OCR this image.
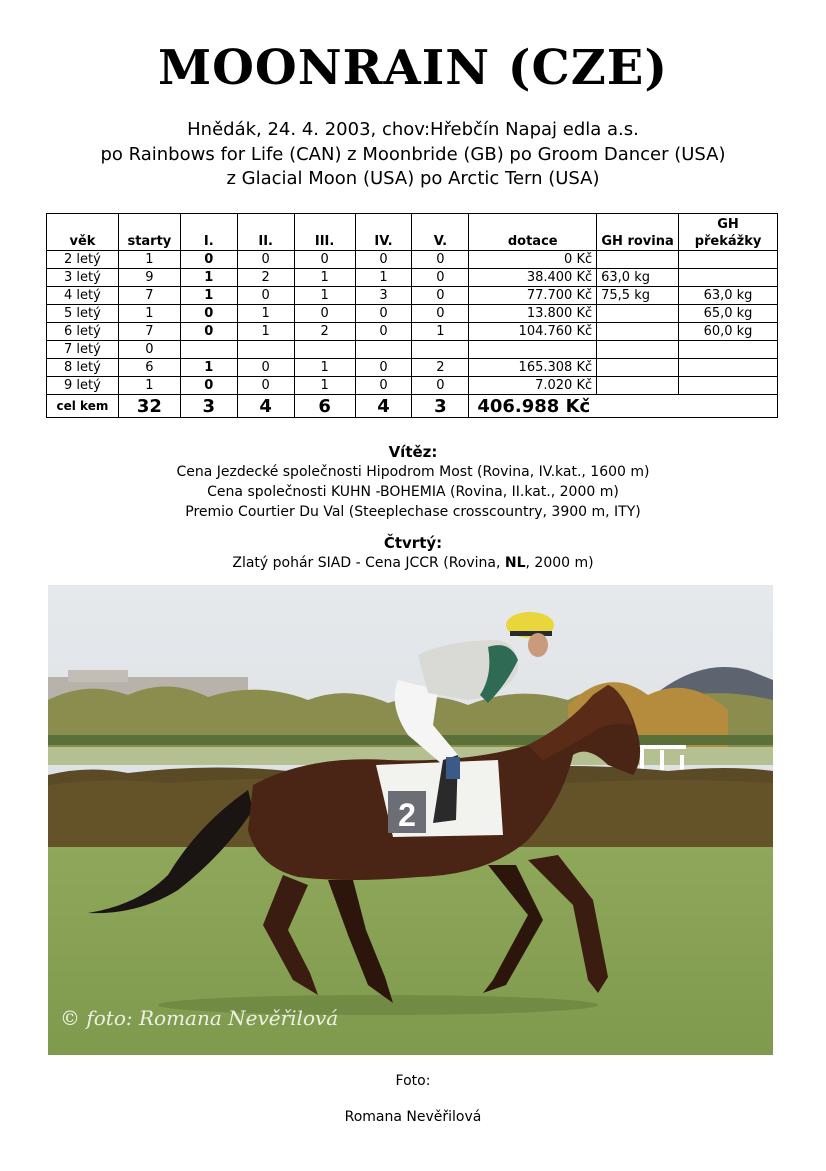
MOONRAIN (CZE)
Hnědák, 24. 4. 2003, chov:Hřebčín Napaj edla a.s.
po Rainbows for Life (CAN) z Moonbride (GB) po Groom Dancer (USA)
z Glacial Moon (USA) po Arctic Tern (USA)
věk	starty	I.	II.	III.	IV.	V.	dotace	GH rovina	GH překážky
2 letý	1	0	0	0	0	0	0 Kč		
3 letý	9	1	2	1	1	0	38.400 Kč	63,0 kg	
4 letý	7	1	0	1	3	0	77.700 Kč	75,5 kg	63,0 kg
5 letý	1	0	1	0	0	0	13.800 Kč		65,0 kg
6 letý	7	0	1	2	0	1	104.760 Kč		60,0 kg
7 letý	0								
8 letý	6	1	0	1	0	2	165.308 Kč		
9 letý	1	0	0	1	0	0	7.020 Kč		
cel kem	32	3	4	6	4	3	406.988 Kč		
Vítěz:
Cena Jezdecké společnosti Hipodrom Most (Rovina, IV.kat., 1600 m)
Cena společnosti KUHN -BOHEMIA (Rovina, II.kat., 2000 m)
Premio Courtier Du Val (Steeplechase crosscountry, 3900 m, ITY)
Čtvrtý:
Zlatý pohár SIAD - Cena JCCR (Rovina, NL, 2000 m)
2
© foto: Romana Nevěřilová
Foto:
Romana Nevěřilová
